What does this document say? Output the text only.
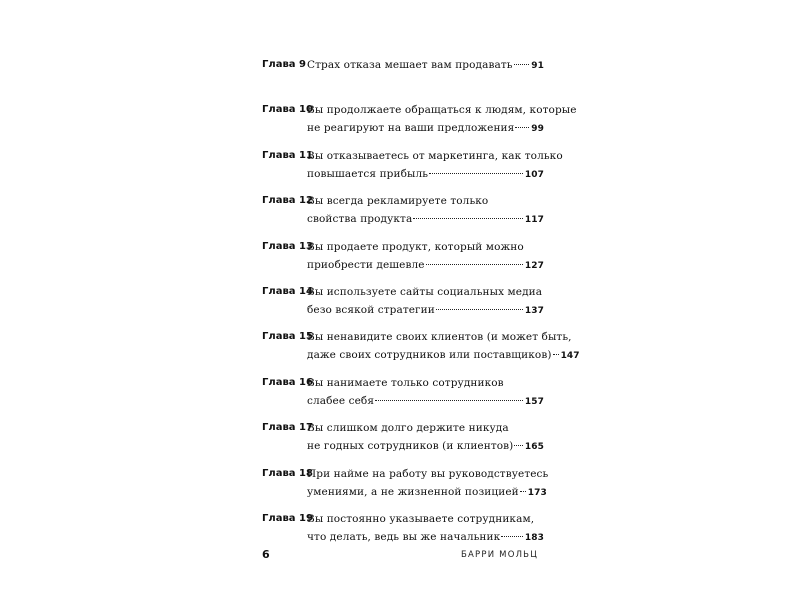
Глава 9 Страх отказа мешает вам продавать 91
Глава 10
Вы продолжаете обращаться к людям, которые
не реагируют на ваши предложения 99
Глава 11
Вы отказываетесь от маркетинга, как только
повышается прибыль	107
Глава 12
Вы всегда рекламируете только
свойства продукта	117
Глава 13
Вы продаете продукт, который можно
приобрести дешевле	127
Глава 14
Вы используете сайты социальных медиа
безо всякой стратегии	137
Глава 15
Вы ненавидите своих клиентов (и может быть,
даже своих сотрудников или поставщиков) 147
Глава 16
Вы нанимаете только сотрудников
слабее себя	157
Глава 17
Вы слишком долго держите никуда
не годных сотрудников (и клиентов) 165
Глава 18
При найме на работу вы руководствуетесь
умениями, а не жизненной позицией 173
Глава 19
Вы постоянно указываете сотрудникам,
что делать, ведь вы же начальник	183
6	БАРРИ МОЛЬЦ
